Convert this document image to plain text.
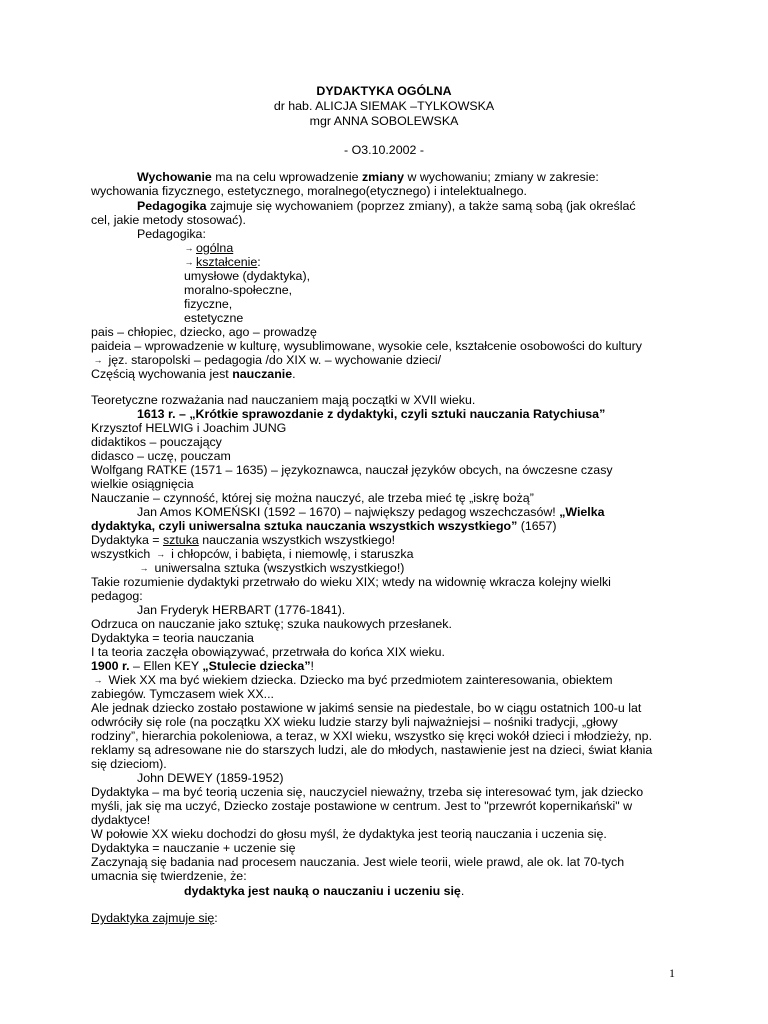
DYDAKTYKA OGÓLNA
dr hab. ALICJA SIEMAK –TYLKOWSKA
mgr ANNA SOBOLEWSKA
- O3.10.2002 -
Wychowanie ma na celu wprowadzenie zmiany w wychowaniu; zmiany w zakresie:
wychowania fizycznego, estetycznego, moralnego(etycznego) i intelektualnego.
Pedagogika zajmuje się wychowaniem (poprzez zmiany), a także samą sobą (jak określać
cel, jakie metody stosować).
Pedagogika:
→ ogólna
→ kształcenie:
umysłowe (dydaktyka),
moralno-społeczne,
fizyczne,
estetyczne
pais – chłopiec, dziecko, ago – prowadzę
paideia – wprowadzenie w kulturę, wysublimowane, wysokie cele, kształcenie osobowości do kultury
→ jęz. staropolski – pedagogia /do XIX w. – wychowanie dzieci/
Częścią wychowania jest nauczanie.
Teoretyczne rozważania nad nauczaniem mają początki w XVII wieku.
1613 r. – „Krótkie sprawozdanie z dydaktyki, czyli sztuki nauczania Ratychiusa”
Krzysztof HELWIG i Joachim JUNG
didaktikos – pouczający
didasco – uczę, pouczam
Wolfgang RATKE (1571 – 1635) – językoznawca, nauczał języków obcych, na ówczesne czasy
wielkie osiągnięcia
Nauczanie – czynność, której się można nauczyć, ale trzeba mieć tę „iskrę bożą”
Jan Amos KOMEŃSKI (1592 – 1670) – największy pedagog wszechczasów! „Wielka
dydaktyka, czyli uniwersalna sztuka nauczania wszystkich wszystkiego” (1657)
Dydaktyka = sztuka nauczania wszystkich wszystkiego!
wszystkich → i chłopców, i babięta, i niemowlę, i staruszka
→ uniwersalna sztuka (wszystkich wszystkiego!)
Takie rozumienie dydaktyki przetrwało do wieku XIX; wtedy na widownię wkracza kolejny wielki
pedagog:
Jan Fryderyk HERBART (1776-1841).
Odrzuca on nauczanie jako sztukę; szuka naukowych przesłanek.
Dydaktyka = teoria nauczania
I ta teoria zaczęła obowiązywać, przetrwała do końca XIX wieku.
1900 r. – Ellen KEY „Stulecie dziecka”!
→ Wiek XX ma być wiekiem dziecka. Dziecko ma być przedmiotem zainteresowania, obiektem
zabiegów. Tymczasem wiek XX...
Ale jednak dziecko zostało postawione w jakimś sensie na piedestale, bo w ciągu ostatnich 100-u lat
odwróciły się role (na początku XX wieku ludzie starzy byli najważniejsi – nośniki tradycji, „głowy
rodziny”, hierarchia pokoleniowa, a teraz, w XXI wieku, wszystko się kręci wokół dzieci i młodzieży, np.
reklamy są adresowane nie do starszych ludzi, ale do młodych, nastawienie jest na dzieci, świat kłania
się dzieciom).
John DEWEY (1859-1952)
Dydaktyka – ma być teorią uczenia się, nauczyciel nieważny, trzeba się interesować tym, jak dziecko
myśli, jak się ma uczyć, Dziecko zostaje postawione w centrum. Jest to "przewrót kopernikański" w
dydaktyce!
W połowie XX wieku dochodzi do głosu myśl, że dydaktyka jest teorią nauczania i uczenia się.
Dydaktyka = nauczanie + uczenie się
Zaczynają się badania nad procesem nauczania. Jest wiele teorii, wiele prawd, ale ok. lat 70-tych
umacnia się twierdzenie, że:
dydaktyka jest nauką o nauczaniu i uczeniu się.
Dydaktyka zajmuje się:
1
